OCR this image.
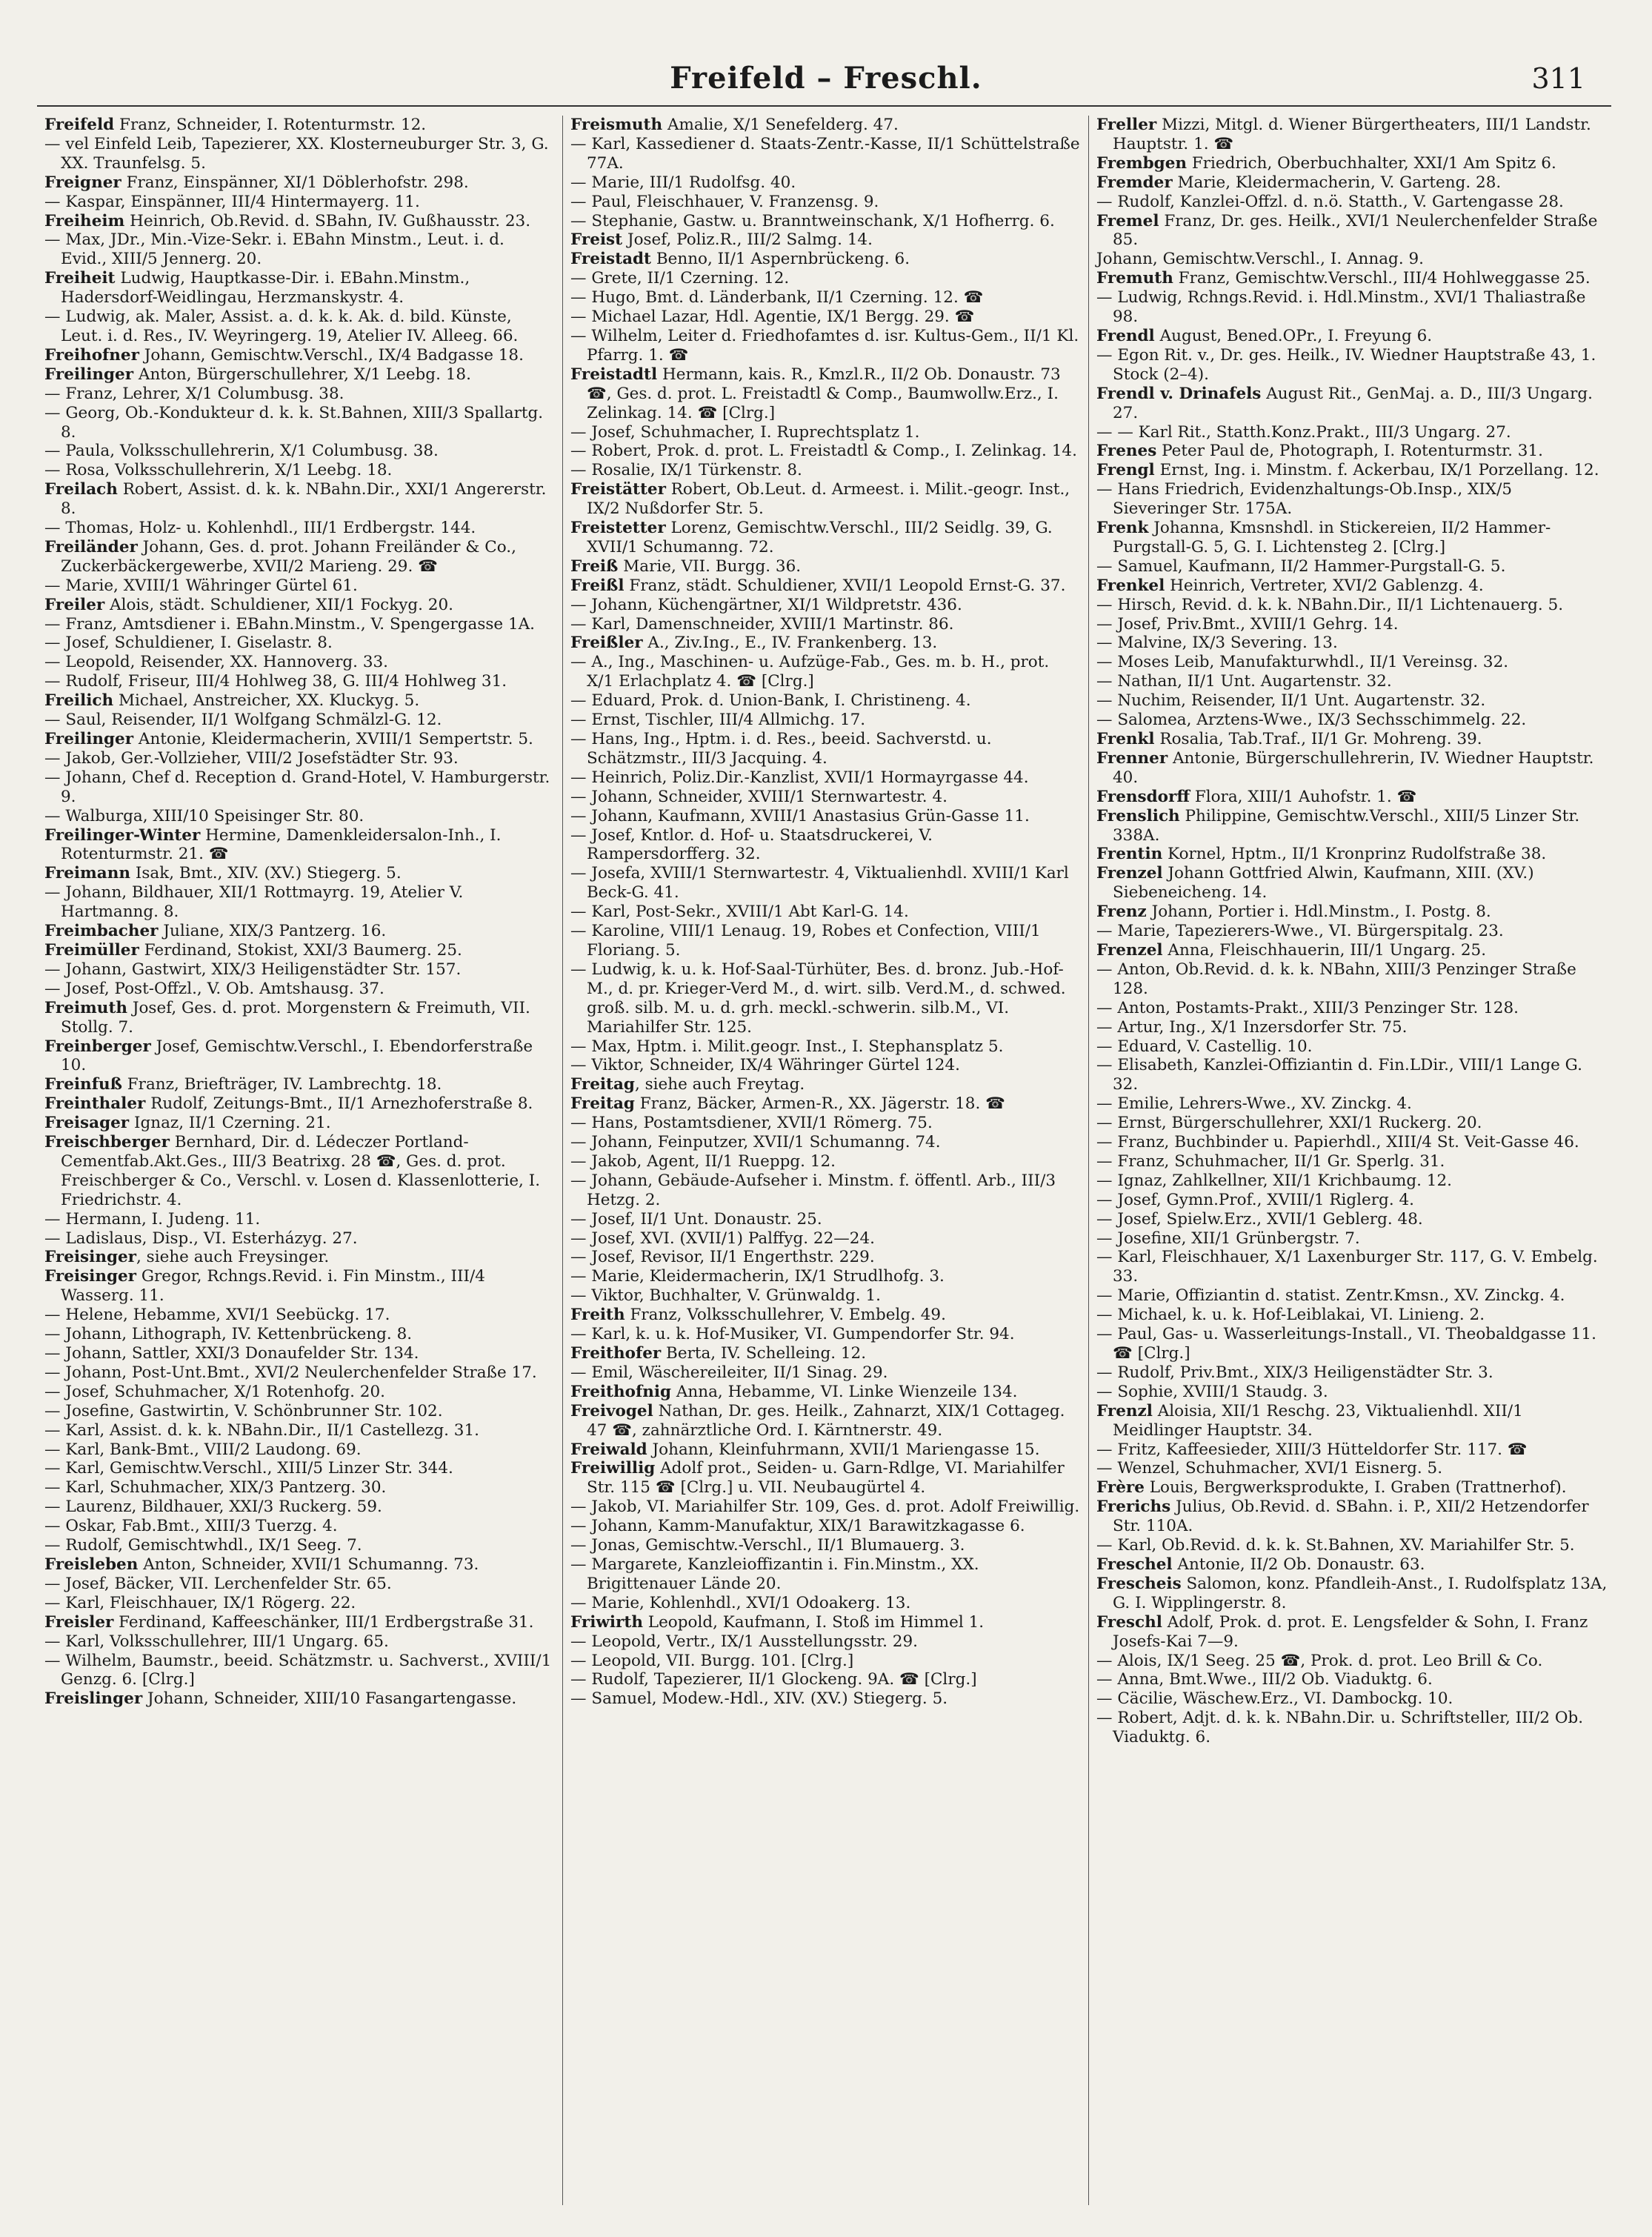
Freifeld – Freschl.	311
Freifeld Franz, Schneider, I. Rotenturmstr. 12.
— vel Einfeld Leib, Tapezierer, XX. Klosterneuburger Str. 3, G. XX. Traunfelsg. 5.
Freigner Franz, Einspänner, XI/1 Döblerhofstr. 298.
— Kaspar, Einspänner, III/4 Hintermayerg. 11.
Freiheim Heinrich, Ob.Revid. d. SBahn, IV. Gußhausstr. 23.
— Max, JDr., Min.-Vize-Sekr. i. EBahn Minstm., Leut. i. d. Evid., XIII/5 Jennerg. 20.
Freiheit Ludwig, Hauptkasse-Dir. i. EBahn.Minstm., Hadersdorf-Weidlingau, Herzmanskystr. 4.
— Ludwig, ak. Maler, Assist. a. d. k. k. Ak. d. bild. Künste, Leut. i. d. Res., IV. Weyringerg. 19, Atelier IV. Alleeg. 66.
Freihofner Johann, Gemischtw.Verschl., IX/4 Badgasse 18.
Freilinger Anton, Bürgerschullehrer, X/1 Leebg. 18.
— Franz, Lehrer, X/1 Columbusg. 38.
— Georg, Ob.-Kondukteur d. k. k. St.Bahnen, XIII/3 Spallartg. 8.
— Paula, Volksschullehrerin, X/1 Columbusg. 38.
— Rosa, Volksschullehrerin, X/1 Leebg. 18.
Freilach Robert, Assist. d. k. k. NBahn.Dir., XXI/1 Angererstr. 8.
— Thomas, Holz- u. Kohlenhdl., III/1 Erdbergstr. 144.
Freiländer Johann, Ges. d. prot. Johann Freiländer & Co., Zuckerbäckergewerbe, XVII/2 Marieng. 29. ☎
— Marie, XVIII/1 Währinger Gürtel 61.
Freiler Alois, städt. Schuldiener, XII/1 Fockyg. 20.
— Franz, Amtsdiener i. EBahn.Minstm., V. Spengergasse 1A.
— Josef, Schuldiener, I. Giselastr. 8.
— Leopold, Reisender, XX. Hannoverg. 33.
— Rudolf, Friseur, III/4 Hohlweg 38, G. III/4 Hohlweg 31.
Freilich Michael, Anstreicher, XX. Kluckyg. 5.
— Saul, Reisender, II/1 Wolfgang Schmälzl-G. 12.
Freilinger Antonie, Kleidermacherin, XVIII/1 Sempertstr. 5.
— Jakob, Ger.-Vollzieher, VIII/2 Josefstädter Str. 93.
— Johann, Chef d. Reception d. Grand-Hotel, V. Hamburgerstr. 9.
— Walburga, XIII/10 Speisinger Str. 80.
Freilinger-Winter Hermine, Damenkleidersalon-Inh., I. Rotenturmstr. 21. ☎
Freimann Isak, Bmt., XIV. (XV.) Stiegerg. 5.
— Johann, Bildhauer, XII/1 Rottmayrg. 19, Atelier V. Hartmanng. 8.
Freimbacher Juliane, XIX/3 Pantzerg. 16.
Freimüller Ferdinand, Stokist, XXI/3 Baumerg. 25.
— Johann, Gastwirt, XIX/3 Heiligenstädter Str. 157.
— Josef, Post-Offzl., V. Ob. Amtshausg. 37.
Freimuth Josef, Ges. d. prot. Morgenstern & Freimuth, VII. Stollg. 7.
Freinberger Josef, Gemischtw.Verschl., I. Ebendorferstraße 10.
Freinfuß Franz, Briefträger, IV. Lambrechtg. 18.
Freinthaler Rudolf, Zeitungs-Bmt., II/1 Arnezhoferstraße 8.
Freisager Ignaz, II/1 Czerning. 21.
Freischberger Bernhard, Dir. d. Lédeczer Portland-Cementfab.Akt.Ges., III/3 Beatrixg. 28 ☎, Ges. d. prot. Freischberger & Co., Verschl. v. Losen d. Klassenlotterie, I. Friedrichstr. 4.
— Hermann, I. Judeng. 11.
— Ladislaus, Disp., VI. Esterházyg. 27.
Freisinger, siehe auch Freysinger.
Freisinger Gregor, Rchngs.Revid. i. Fin Minstm., III/4 Wasserg. 11.
— Helene, Hebamme, XVI/1 Seebückg. 17.
— Johann, Lithograph, IV. Kettenbrückeng. 8.
— Johann, Sattler, XXI/3 Donaufelder Str. 134.
— Johann, Post-Unt.Bmt., XVI/2 Neulerchenfelder Straße 17.
— Josef, Schuhmacher, X/1 Rotenhofg. 20.
— Josefine, Gastwirtin, V. Schönbrunner Str. 102.
— Karl, Assist. d. k. k. NBahn.Dir., II/1 Castellezg. 31.
— Karl, Bank-Bmt., VIII/2 Laudong. 69.
— Karl, Gemischtw.Verschl., XIII/5 Linzer Str. 344.
— Karl, Schuhmacher, XIX/3 Pantzerg. 30.
— Laurenz, Bildhauer, XXI/3 Ruckerg. 59.
— Oskar, Fab.Bmt., XIII/3 Tuerzg. 4.
— Rudolf, Gemischtwhdl., IX/1 Seeg. 7.
Freisleben Anton, Schneider, XVII/1 Schumanng. 73.
— Josef, Bäcker, VII. Lerchenfelder Str. 65.
— Karl, Fleischhauer, IX/1 Rögerg. 22.
Freisler Ferdinand, Kaffeeschänker, III/1 Erdbergstraße 31.
— Karl, Volksschullehrer, III/1 Ungarg. 65.
— Wilhelm, Baumstr., beeid. Schätzmstr. u. Sachverst., XVIII/1 Genzg. 6. [Clrg.]
Freislinger Johann, Schneider, XIII/10 Fasangartengasse.
Freismuth Amalie, X/1 Senefelderg. 47.
— Karl, Kassediener d. Staats-Zentr.-Kasse, II/1 Schüttelstraße 77A.
— Marie, III/1 Rudolfsg. 40.
— Paul, Fleischhauer, V. Franzensg. 9.
— Stephanie, Gastw. u. Branntweinschank, X/1 Hofherrg. 6.
Freist Josef, Poliz.R., III/2 Salmg. 14.
Freistadt Benno, II/1 Aspernbrückeng. 6.
— Grete, II/1 Czerning. 12.
— Hugo, Bmt. d. Länderbank, II/1 Czerning. 12. ☎
— Michael Lazar, Hdl. Agentie, IX/1 Bergg. 29. ☎
— Wilhelm, Leiter d. Friedhofamtes d. isr. Kultus-Gem., II/1 Kl. Pfarrg. 1. ☎
Freistadtl Hermann, kais. R., Kmzl.R., II/2 Ob. Donaustr. 73 ☎, Ges. d. prot. L. Freistadtl & Comp., Baumwollw.Erz., I. Zelinkag. 14. ☎ [Clrg.]
— Josef, Schuhmacher, I. Ruprechtsplatz 1.
— Robert, Prok. d. prot. L. Freistadtl & Comp., I. Zelinkag. 14.
— Rosalie, IX/1 Türkenstr. 8.
Freistätter Robert, Ob.Leut. d. Armeest. i. Milit.-geogr. Inst., IX/2 Nußdorfer Str. 5.
Freistetter Lorenz, Gemischtw.Verschl., III/2 Seidlg. 39, G. XVII/1 Schumanng. 72.
Freiß Marie, VII. Burgg. 36.
Freißl Franz, städt. Schuldiener, XVII/1 Leopold Ernst-G. 37.
— Johann, Küchengärtner, XI/1 Wildpretstr. 436.
— Karl, Damenschneider, XVIII/1 Martinstr. 86.
Freißler A., Ziv.Ing., E., IV. Frankenberg. 13.
— A., Ing., Maschinen- u. Aufzüge-Fab., Ges. m. b. H., prot. X/1 Erlachplatz 4. ☎ [Clrg.]
— Eduard, Prok. d. Union-Bank, I. Christineng. 4.
— Ernst, Tischler, III/4 Allmichg. 17.
— Hans, Ing., Hptm. i. d. Res., beeid. Sachverstd. u. Schätzmstr., III/3 Jacquing. 4.
— Heinrich, Poliz.Dir.-Kanzlist, XVII/1 Hormayrgasse 44.
— Johann, Schneider, XVIII/1 Sternwartestr. 4.
— Johann, Kaufmann, XVIII/1 Anastasius Grün-Gasse 11.
— Josef, Kntlor. d. Hof- u. Staatsdruckerei, V. Rampersdorfferg. 32.
— Josefa, XVIII/1 Sternwartestr. 4, Viktualienhdl. XVIII/1 Karl Beck-G. 41.
— Karl, Post-Sekr., XVIII/1 Abt Karl-G. 14.
— Karoline, VIII/1 Lenaug. 19, Robes et Confection, VIII/1 Floriang. 5.
— Ludwig, k. u. k. Hof-Saal-Türhüter, Bes. d. bronz. Jub.-Hof-M., d. pr. Krieger-Verd M., d. wirt. silb. Verd.M., d. schwed. groß. silb. M. u. d. grh. meckl.-schwerin. silb.M., VI. Mariahilfer Str. 125.
— Max, Hptm. i. Milit.geogr. Inst., I. Stephansplatz 5.
— Viktor, Schneider, IX/4 Währinger Gürtel 124.
Freitag, siehe auch Freytag.
Freitag Franz, Bäcker, Armen-R., XX. Jägerstr. 18. ☎
— Hans, Postamtsdiener, XVII/1 Römerg. 75.
— Johann, Feinputzer, XVII/1 Schumanng. 74.
— Jakob, Agent, II/1 Rueppg. 12.
— Johann, Gebäude-Aufseher i. Minstm. f. öffentl. Arb., III/3 Hetzg. 2.
— Josef, II/1 Unt. Donaustr. 25.
— Josef, XVI. (XVII/1) Palffyg. 22—24.
— Josef, Revisor, II/1 Engerthstr. 229.
— Marie, Kleidermacherin, IX/1 Strudlhofg. 3.
— Viktor, Buchhalter, V. Grünwaldg. 1.
Freith Franz, Volksschullehrer, V. Embelg. 49.
— Karl, k. u. k. Hof-Musiker, VI. Gumpendorfer Str. 94.
Freithofer Berta, IV. Schelleing. 12.
— Emil, Wäschereileiter, II/1 Sinag. 29.
Freithofnig Anna, Hebamme, VI. Linke Wienzeile 134.
Freivogel Nathan, Dr. ges. Heilk., Zahnarzt, XIX/1 Cottageg. 47 ☎, zahnärztliche Ord. I. Kärntnerstr. 49.
Freiwald Johann, Kleinfuhrmann, XVII/1 Mariengasse 15.
Freiwillig Adolf prot., Seiden- u. Garn-Rdlge, VI. Mariahilfer Str. 115 ☎ [Clrg.] u. VII. Neubaugürtel 4.
— Jakob, VI. Mariahilfer Str. 109, Ges. d. prot. Adolf Freiwillig.
— Johann, Kamm-Manufaktur, XIX/1 Barawitzkagasse 6.
— Jonas, Gemischtw.-Verschl., II/1 Blumauerg. 3.
— Margarete, Kanzleioffizantin i. Fin.Minstm., XX. Brigittenauer Lände 20.
— Marie, Kohlenhdl., XVI/1 Odoakerg. 13.
Friwirth Leopold, Kaufmann, I. Stoß im Himmel 1.
— Leopold, Vertr., IX/1 Ausstellungsstr. 29.
— Leopold, VII. Burgg. 101. [Clrg.]
— Rudolf, Tapezierer, II/1 Glockeng. 9A. ☎ [Clrg.]
— Samuel, Modew.-Hdl., XIV. (XV.) Stiegerg. 5.
Freller Mizzi, Mitgl. d. Wiener Bürgertheaters, III/1 Landstr. Hauptstr. 1. ☎
Frembgen Friedrich, Oberbuchhalter, XXI/1 Am Spitz 6.
Fremder Marie, Kleidermacherin, V. Garteng. 28.
— Rudolf, Kanzlei-Offzl. d. n.ö. Statth., V. Gartengasse 28.
Fremel Franz, Dr. ges. Heilk., XVI/1 Neulerchenfelder Straße 85.
Johann, Gemischtw.Verschl., I. Annag. 9.
Fremuth Franz, Gemischtw.Verschl., III/4 Hohlweggasse 25.
— Ludwig, Rchngs.Revid. i. Hdl.Minstm., XVI/1 Thaliastraße 98.
Frendl August, Bened.OPr., I. Freyung 6.
— Egon Rit. v., Dr. ges. Heilk., IV. Wiedner Hauptstraße 43, 1. Stock (2–4).
Frendl v. Drinafels August Rit., GenMaj. a. D., III/3 Ungarg. 27.
— — Karl Rit., Statth.Konz.Prakt., III/3 Ungarg. 27.
Frenes Peter Paul de, Photograph, I. Rotenturmstr. 31.
Frengl Ernst, Ing. i. Minstm. f. Ackerbau, IX/1 Porzellang. 12.
— Hans Friedrich, Evidenzhaltungs-Ob.Insp., XIX/5 Sieveringer Str. 175A.
Frenk Johanna, Kmsnshdl. in Stickereien, II/2 Hammer-Purgstall-G. 5, G. I. Lichtensteg 2. [Clrg.]
— Samuel, Kaufmann, II/2 Hammer-Purgstall-G. 5.
Frenkel Heinrich, Vertreter, XVI/2 Gablenzg. 4.
— Hirsch, Revid. d. k. k. NBahn.Dir., II/1 Lichtenauerg. 5.
— Josef, Priv.Bmt., XVIII/1 Gehrg. 14.
— Malvine, IX/3 Severing. 13.
— Moses Leib, Manufakturwhdl., II/1 Vereinsg. 32.
— Nathan, II/1 Unt. Augartenstr. 32.
— Nuchim, Reisender, II/1 Unt. Augartenstr. 32.
— Salomea, Arztens-Wwe., IX/3 Sechsschimmelg. 22.
Frenkl Rosalia, Tab.Traf., II/1 Gr. Mohreng. 39.
Frenner Antonie, Bürgerschullehrerin, IV. Wiedner Hauptstr. 40.
Frensdorff Flora, XIII/1 Auhofstr. 1. ☎
Frenslich Philippine, Gemischtw.Verschl., XIII/5 Linzer Str. 338A.
Frentin Kornel, Hptm., II/1 Kronprinz Rudolfstraße 38.
Frenzel Johann Gottfried Alwin, Kaufmann, XIII. (XV.) Siebeneicheng. 14.
Frenz Johann, Portier i. Hdl.Minstm., I. Postg. 8.
— Marie, Tapezierers-Wwe., VI. Bürgerspitalg. 23.
Frenzel Anna, Fleischhauerin, III/1 Ungarg. 25.
— Anton, Ob.Revid. d. k. k. NBahn, XIII/3 Penzinger Straße 128.
— Anton, Postamts-Prakt., XIII/3 Penzinger Str. 128.
— Artur, Ing., X/1 Inzersdorfer Str. 75.
— Eduard, V. Castellig. 10.
— Elisabeth, Kanzlei-Offiziantin d. Fin.LDir., VIII/1 Lange G. 32.
— Emilie, Lehrers-Wwe., XV. Zinckg. 4.
— Ernst, Bürgerschullehrer, XXI/1 Ruckerg. 20.
— Franz, Buchbinder u. Papierhdl., XIII/4 St. Veit-Gasse 46.
— Franz, Schuhmacher, II/1 Gr. Sperlg. 31.
— Ignaz, Zahlkellner, XII/1 Krichbaumg. 12.
— Josef, Gymn.Prof., XVIII/1 Riglerg. 4.
— Josef, Spielw.Erz., XVII/1 Geblerg. 48.
— Josefine, XII/1 Grünbergstr. 7.
— Karl, Fleischhauer, X/1 Laxenburger Str. 117, G. V. Embelg. 33.
— Marie, Offiziantin d. statist. Zentr.Kmsn., XV. Zinckg. 4.
— Michael, k. u. k. Hof-Leiblakai, VI. Linieng. 2.
— Paul, Gas- u. Wasserleitungs-Install., VI. Theobaldgasse 11. ☎ [Clrg.]
— Rudolf, Priv.Bmt., XIX/3 Heiligenstädter Str. 3.
— Sophie, XVIII/1 Staudg. 3.
Frenzl Aloisia, XII/1 Reschg. 23, Viktualienhdl. XII/1 Meidlinger Hauptstr. 34.
— Fritz, Kaffeesieder, XIII/3 Hütteldorfer Str. 117. ☎
— Wenzel, Schuhmacher, XVI/1 Eisnerg. 5.
Frère Louis, Bergwerksprodukte, I. Graben (Trattnerhof).
Frerichs Julius, Ob.Revid. d. SBahn. i. P., XII/2 Hetzendorfer Str. 110A.
— Karl, Ob.Revid. d. k. k. St.Bahnen, XV. Mariahilfer Str. 5.
Freschel Antonie, II/2 Ob. Donaustr. 63.
Frescheis Salomon, konz. Pfandleih-Anst., I. Rudolfsplatz 13A, G. I. Wipplingerstr. 8.
Freschl Adolf, Prok. d. prot. E. Lengsfelder & Sohn, I. Franz Josefs-Kai 7—9.
— Alois, IX/1 Seeg. 25 ☎, Prok. d. prot. Leo Brill & Co.
— Anna, Bmt.Wwe., III/2 Ob. Viaduktg. 6.
— Cäcilie, Wäschew.Erz., VI. Dambockg. 10.
— Robert, Adjt. d. k. k. NBahn.Dir. u. Schriftsteller, III/2 Ob. Viaduktg. 6.
